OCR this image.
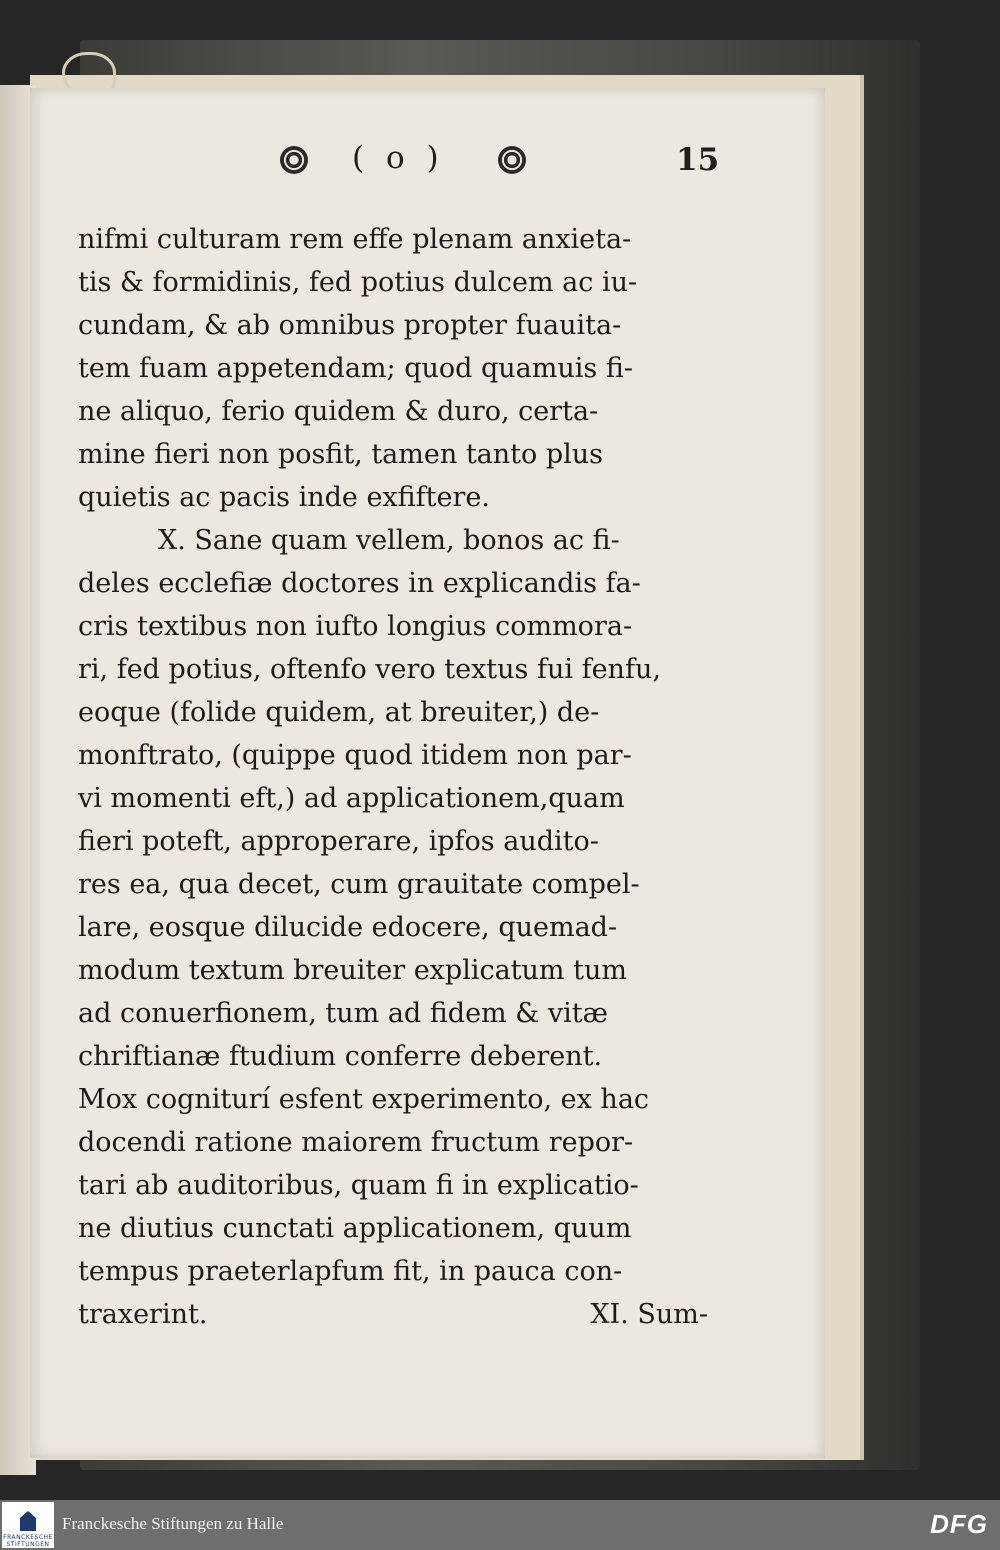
( o )	15
nifmi culturam rem effe plenam anxieta-
tis & formidinis, fed potius dulcem ac iu-
cundam, & ab omnibus propter fuauita-
tem fuam appetendam; quod quamuis fi-
ne aliquo, ferio quidem & duro, certa-
mine fieri non posfit, tamen tanto plus
quietis ac pacis inde exfiftere.
X. Sane quam vellem, bonos ac fi-
deles ecclefiæ doctores in explicandis fa-
cris textibus non iufto longius commora-
ri, fed potius, oftenfo vero textus fui fenfu,
eoque (folide quidem, at breuiter,) de-
monftrato, (quippe quod itidem non par-
vi momenti eft,) ad applicationem,quam
fieri poteft, approperare, ipfos audito-
res ea, qua decet, cum grauitate compel-
lare, eosque dilucide edocere, quemad-
modum textum breuiter explicatum tum
ad conuerfionem, tum ad fidem & vitæ
chriftianæ ftudium conferre deberent.
Mox cogniturí esfent experimento, ex hac
docendi ratione maiorem fructum repor-
tari ab auditoribus, quam fi in explicatio-
ne diutius cunctati applicationem, quum
tempus praeterlapfum fit, in pauca con-
traxerint.	XI. Sum-
FRANCKESCHE
STIFTUNGEN
Franckesche Stiftungen zu Halle	DFG
